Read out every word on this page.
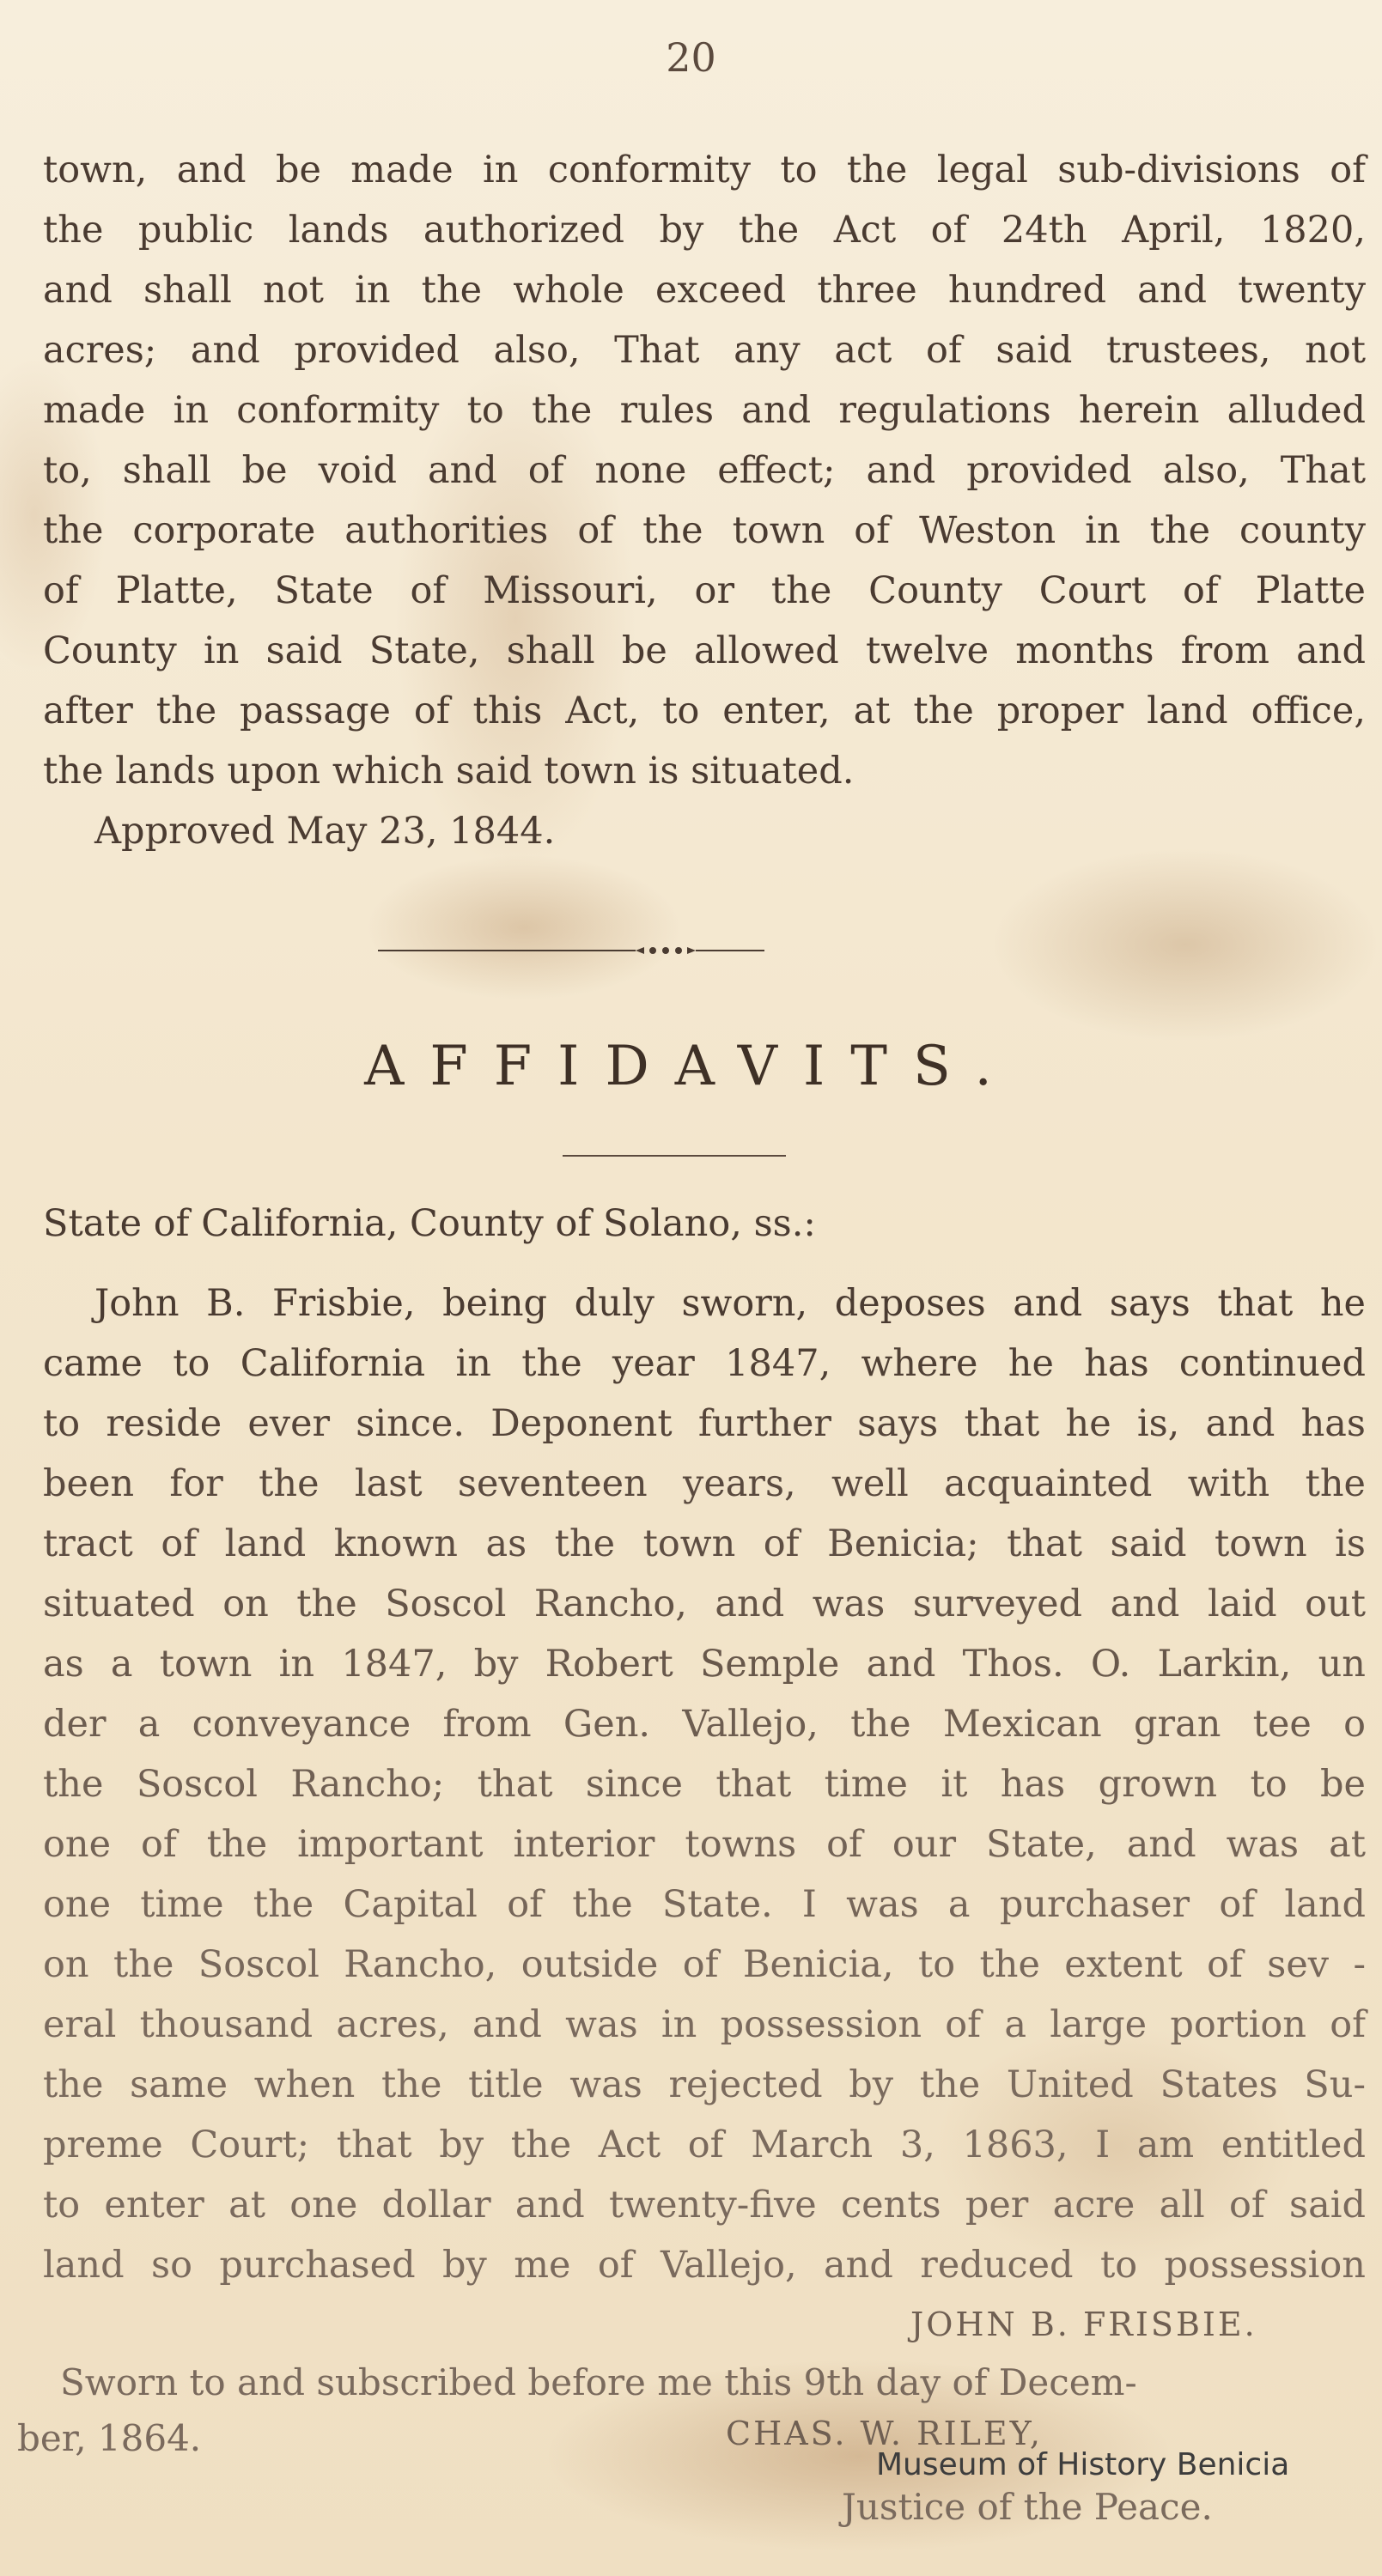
20
town, and be made in conformity to the legal sub-divisions of
the public lands authorized by the Act of 24th April, 1820,
and shall not in the whole exceed three hundred and twenty
acres; and provided also, That any act of said trustees, not
made in conformity to the rules and regulations herein alluded
to, shall be void and of none effect; and provided also, That
the corporate authorities of the town of Weston in the county
of Platte, State of Missouri, or the County Court of Platte
County in said State, shall be allowed twelve months from and
after the passage of this Act, to enter, at the proper land office,
the lands upon which said town is situated.
Approved May 23, 1844.
AFFIDAVITS.
State of California, County of Solano, ss.:
John B. Frisbie, being duly sworn, deposes and says that he
came to California in the year 1847, where he has continued
to reside ever since. Deponent further says that he is, and has
been for the last seventeen years, well acquainted with the
tract of land known as the town of Benicia; that said town is
situated on the Soscol Rancho, and was surveyed and laid out
as a town in 1847, by Robert Semple and Thos. O. Larkin, un
der a conveyance from Gen. Vallejo, the Mexican gran tee o
the Soscol Rancho; that since that time it has grown to be
one of the important interior towns of our State, and was at
one time the Capital of the State. I was a purchaser of land
on the Soscol Rancho, outside of Benicia, to the extent of sev -
eral thousand acres, and was in possession of a large portion of
the same when the title was rejected by the United States Su-
preme Court; that by the Act of March 3, 1863, I am entitled
to enter at one dollar and twenty-five cents per acre all of said
land so purchased by me of Vallejo, and reduced to possession
JOHN B. FRISBIE.
Sworn to and subscribed before me this 9th day of Decem-
ber, 1864.	CHAS. W. RILEY,
Justice of the Peace.
Museum of History Benicia
